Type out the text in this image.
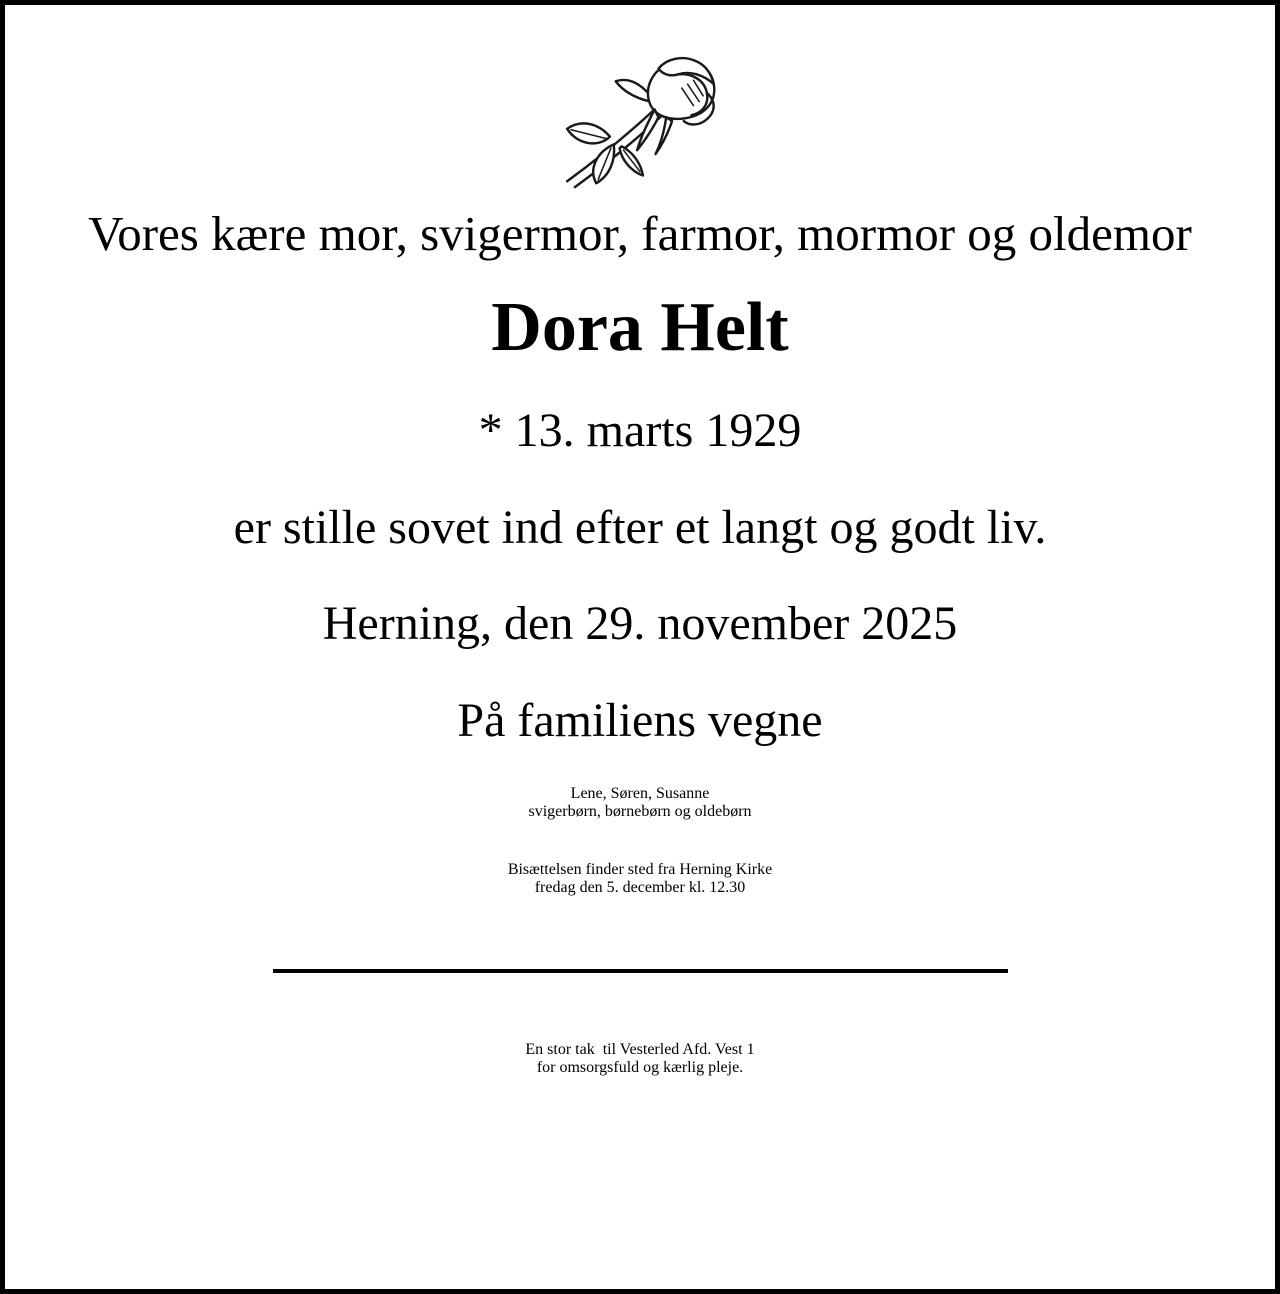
Vores kære mor, svigermor, farmor, mormor og oldemor

Dora Helt

* 13. marts 1929

er stille sovet ind efter et langt og godt liv.

Herning, den 29. november 2025

På familiens vegne

Lene, Søren, Susanne
svigerbørn, børnebørn og oldebørn

Bisættelsen finder sted fra Herning Kirke
fredag den 5. december kl. 12.30

En stor tak  til Vesterled Afd. Vest 1
for omsorgsfuld og kærlig pleje.
